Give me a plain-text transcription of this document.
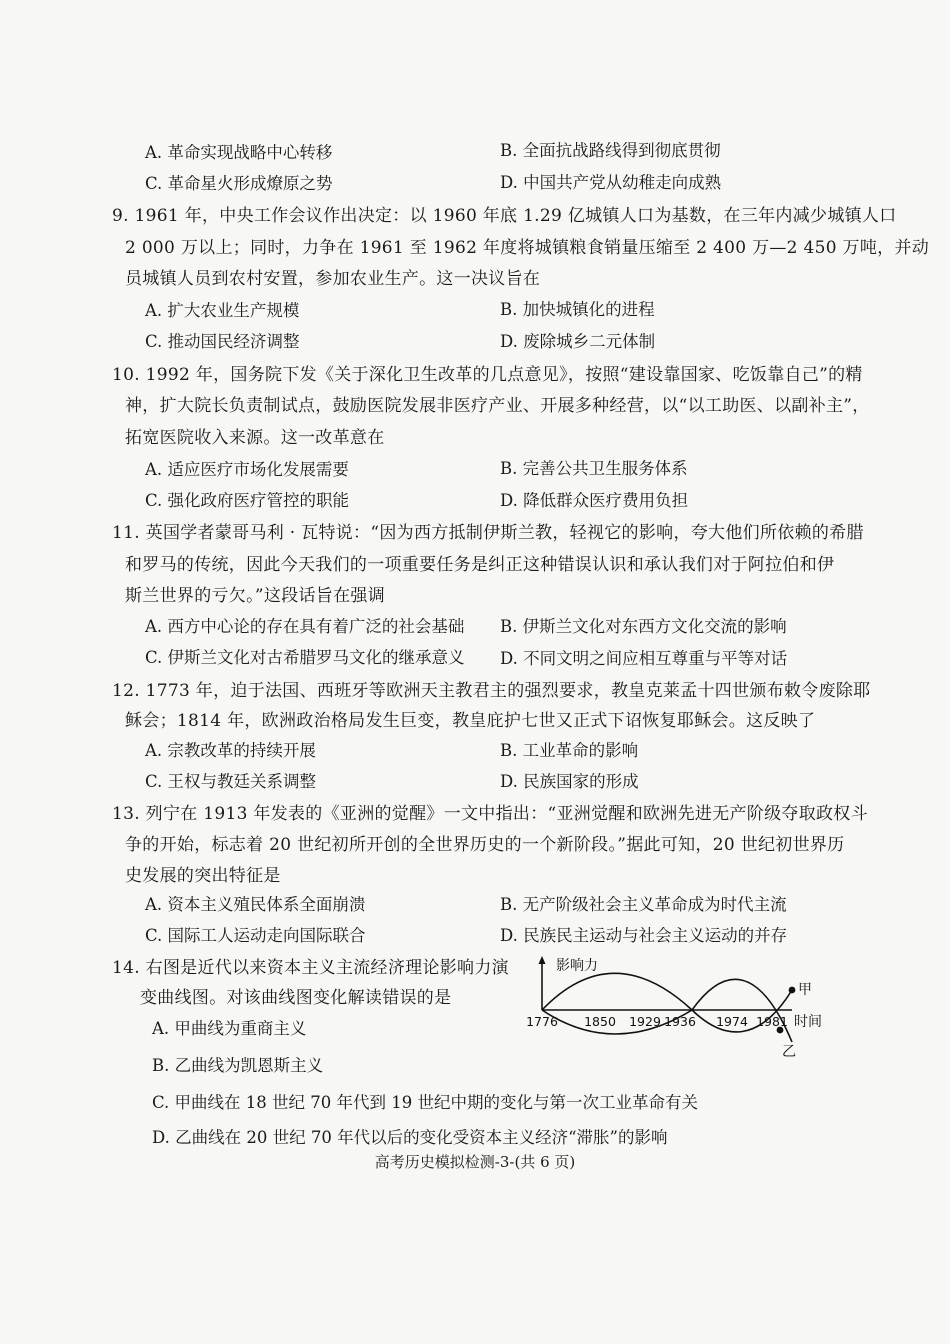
A. 革命实现战略中心转移	B. 全面抗战路线得到彻底贯彻
C. 革命星火形成燎原之势	D. 中国共产党从幼稚走向成熟
9. 1961 年，中央工作会议作出决定：以 1960 年底 1.29 亿城镇人口为基数，在三年内减少城镇人口
2 000 万以上；同时，力争在 1961 至 1962 年度将城镇粮食销量压缩至 2 400 万—2 450 万吨，并动
员城镇人员到农村安置，参加农业生产。这一决议旨在
A. 扩大农业生产规模	B. 加快城镇化的进程
C. 推动国民经济调整	D. 废除城乡二元体制
10. 1992 年，国务院下发《关于深化卫生改革的几点意见》，按照“建设靠国家、吃饭靠自己”的精
神，扩大院长负责制试点，鼓励医院发展非医疗产业、开展多种经营，以“以工助医、以副补主”，
拓宽医院收入来源。这一改革意在
A. 适应医疗市场化发展需要	B. 完善公共卫生服务体系
C. 强化政府医疗管控的职能	D. 降低群众医疗费用负担
11. 英国学者蒙哥马利 · 瓦特说：“因为西方抵制伊斯兰教，轻视它的影响，夸大他们所依赖的希腊
和罗马的传统，因此今天我们的一项重要任务是纠正这种错误认识和承认我们对于阿拉伯和伊
斯兰世界的亏欠。”这段话旨在强调
A. 西方中心论的存在具有着广泛的社会基础 B. 伊斯兰文化对东西方文化交流的影响
C. 伊斯兰文化对古希腊罗马文化的继承意义 D. 不同文明之间应相互尊重与平等对话
12. 1773 年，迫于法国、西班牙等欧洲天主教君主的强烈要求，教皇克莱孟十四世颁布敕令废除耶
稣会；1814 年，欧洲政治格局发生巨变，教皇庇护七世又正式下诏恢复耶稣会。这反映了
A. 宗教改革的持续开展	B. 工业革命的影响
C. 王权与教廷关系调整	D. 民族国家的形成
13. 列宁在 1913 年发表的《亚洲的觉醒》一文中指出：“亚洲觉醒和欧洲先进无产阶级夺取政权斗
争的开始，标志着 20 世纪初所开创的全世界历史的一个新阶段。”据此可知，20 世纪初世界历
史发展的突出特征是
A. 资本主义殖民体系全面崩溃	B. 无产阶级社会主义革命成为时代主流
C. 国际工人运动走向国际联合	D. 民族民主运动与社会主义运动的并存
14. 右图是近代以来资本主义主流经济理论影响力演
变曲线图。对该曲线图变化解读错误的是
A. 甲曲线为重商主义
B. 乙曲线为凯恩斯主义
C. 甲曲线在 18 世纪 70 年代到 19 世纪中期的变化与第一次工业革命有关
D. 乙曲线在 20 世纪 70 年代以后的变化受资本主义经济“滞胀”的影响
影响力
时间
甲
乙
1776 1850 1929 1936 1974 1981
高考历史模拟检测-3-(共 6 页)
